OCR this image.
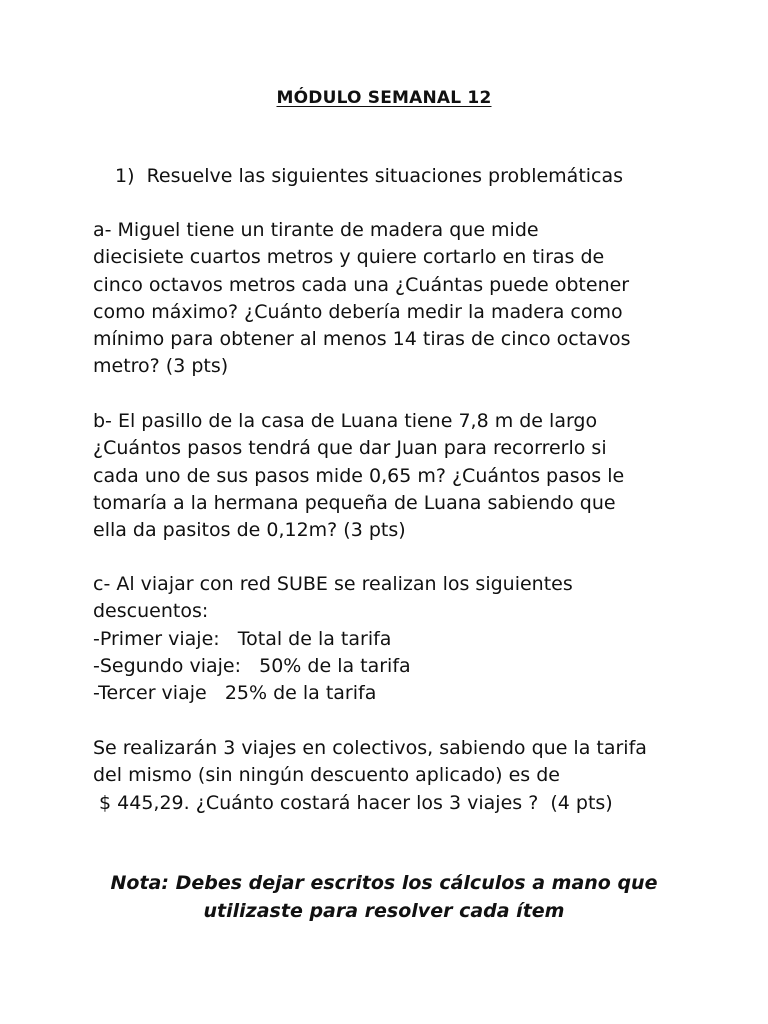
MÓDULO SEMANAL 12
1)  Resuelve las siguientes situaciones problemáticas
a- Miguel tiene un tirante de madera que mide
diecisiete cuartos metros y quiere cortarlo en tiras de
cinco octavos metros cada una ¿Cuántas puede obtener
como máximo? ¿Cuánto debería medir la madera como
mínimo para obtener al menos 14 tiras de cinco octavos
metro? (3 pts)
b- El pasillo de la casa de Luana tiene 7,8 m de largo
¿Cuántos pasos tendrá que dar Juan para recorrerlo si
cada uno de sus pasos mide 0,65 m? ¿Cuántos pasos le
tomaría a la hermana pequeña de Luana sabiendo que
ella da pasitos de 0,12m? (3 pts)
c- Al viajar con red SUBE se realizan los siguientes
descuentos:
-Primer viaje:   Total de la tarifa
-Segundo viaje:   50% de la tarifa
-Tercer viaje   25% de la tarifa
Se realizarán 3 viajes en colectivos, sabiendo que la tarifa
del mismo (sin ningún descuento aplicado) es de
$ 445,29. ¿Cuánto costará hacer los 3 viajes ?  (4 pts)
Nota: Debes dejar escritos los cálculos a mano que
utilizaste para resolver cada ítem
